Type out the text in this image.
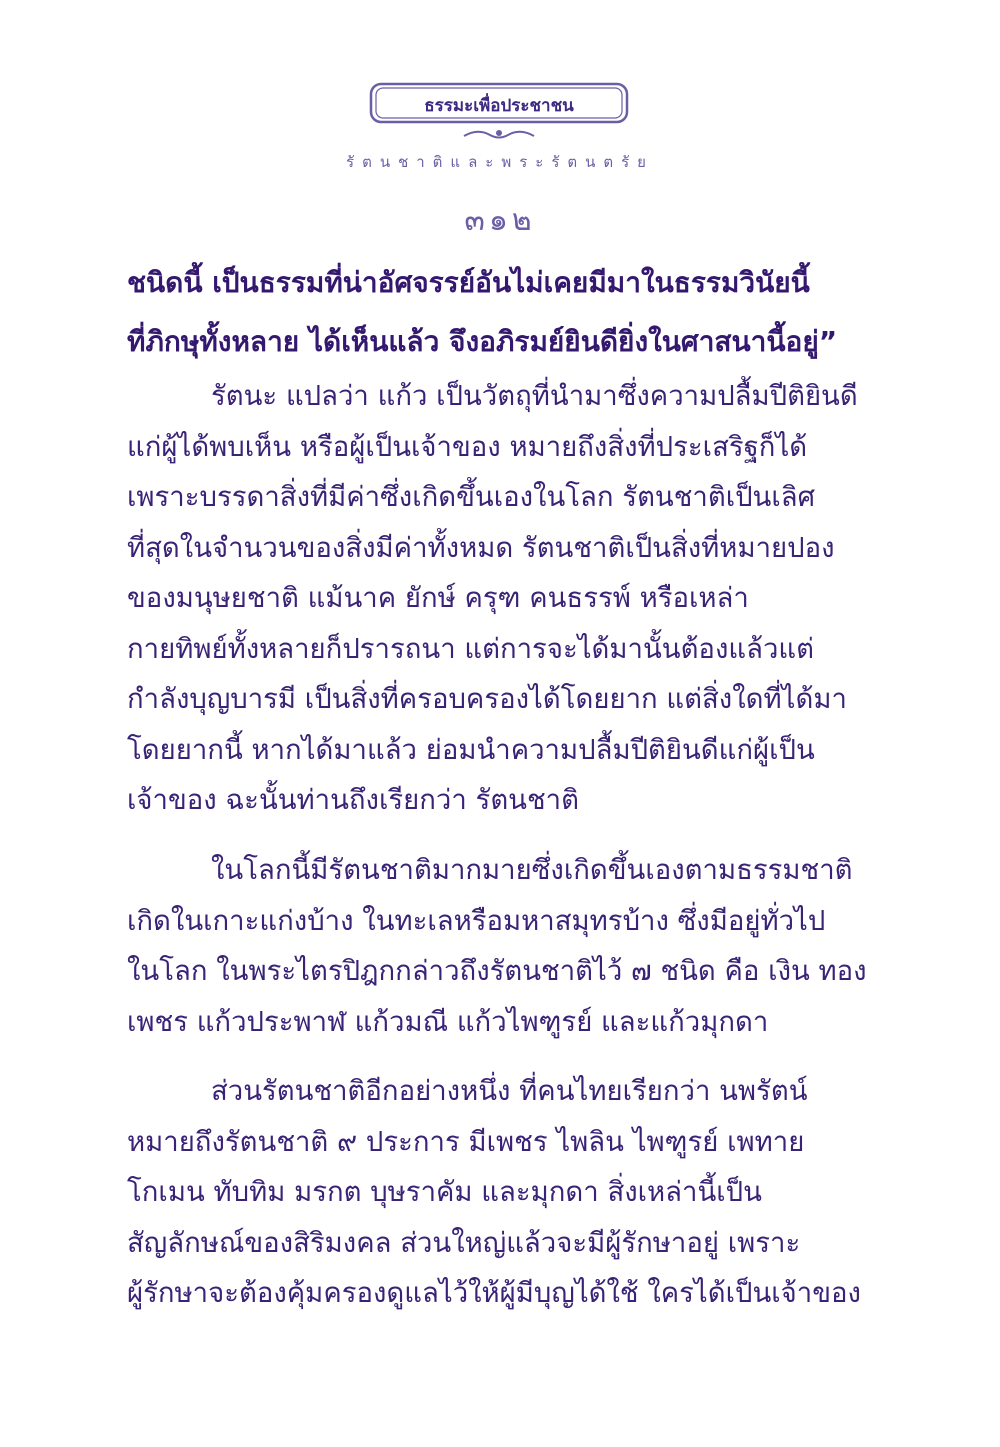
ธรรมะเพื่อประชาชน
รัตนชาติและพระรัตนตรัย
๓๑๒
ชนิดนี้ เป็นธรรมที่น่าอัศจรรย์อันไม่เคยมีมาในธรรมวินัยนี้
ที่ภิกษุทั้งหลาย ได้เห็นแล้ว จึงอภิรมย์ยินดียิ่งในศาสนานี้อยู่”
รัตนะ แปลว่า แก้ว เป็นวัตถุที่นำมาซึ่งความปลื้มปีติยินดี
แก่ผู้ได้พบเห็น หรือผู้เป็นเจ้าของ หมายถึงสิ่งที่ประเสริฐก็ได้
เพราะบรรดาสิ่งที่มีค่าซึ่งเกิดขึ้นเองในโลก รัตนชาติเป็นเลิศ
ที่สุดในจำนวนของสิ่งมีค่าทั้งหมด รัตนชาติเป็นสิ่งที่หมายปอง
ของมนุษยชาติ แม้นาค ยักษ์ ครุฑ คนธรรพ์ หรือเหล่า
กายทิพย์ทั้งหลายก็ปรารถนา แต่การจะได้มานั้นต้องแล้วแต่
กำลังบุญบารมี เป็นสิ่งที่ครอบครองได้โดยยาก แต่สิ่งใดที่ได้มา
โดยยากนี้ หากได้มาแล้ว ย่อมนำความปลื้มปีติยินดีแก่ผู้เป็น
เจ้าของ ฉะนั้นท่านถึงเรียกว่า รัตนชาติ
ในโลกนี้มีรัตนชาติมากมายซึ่งเกิดขึ้นเองตามธรรมชาติ
เกิดในเกาะแก่งบ้าง ในทะเลหรือมหาสมุทรบ้าง ซึ่งมีอยู่ทั่วไป
ในโลก ในพระไตรปิฎกกล่าวถึงรัตนชาติไว้ ๗ ชนิด คือ เงิน ทอง
เพชร แก้วประพาฬ แก้วมณี แก้วไพฑูรย์ และแก้วมุกดา
ส่วนรัตนชาติอีกอย่างหนึ่ง ที่คนไทยเรียกว่า นพรัตน์
หมายถึงรัตนชาติ ๙ ประการ มีเพชร ไพลิน ไพฑูรย์ เพทาย
โกเมน ทับทิม มรกต บุษราคัม และมุกดา สิ่งเหล่านี้เป็น
สัญลักษณ์ของสิริมงคล ส่วนใหญ่แล้วจะมีผู้รักษาอยู่ เพราะ
ผู้รักษาจะต้องคุ้มครองดูแลไว้ให้ผู้มีบุญได้ใช้ ใครได้เป็นเจ้าของ
